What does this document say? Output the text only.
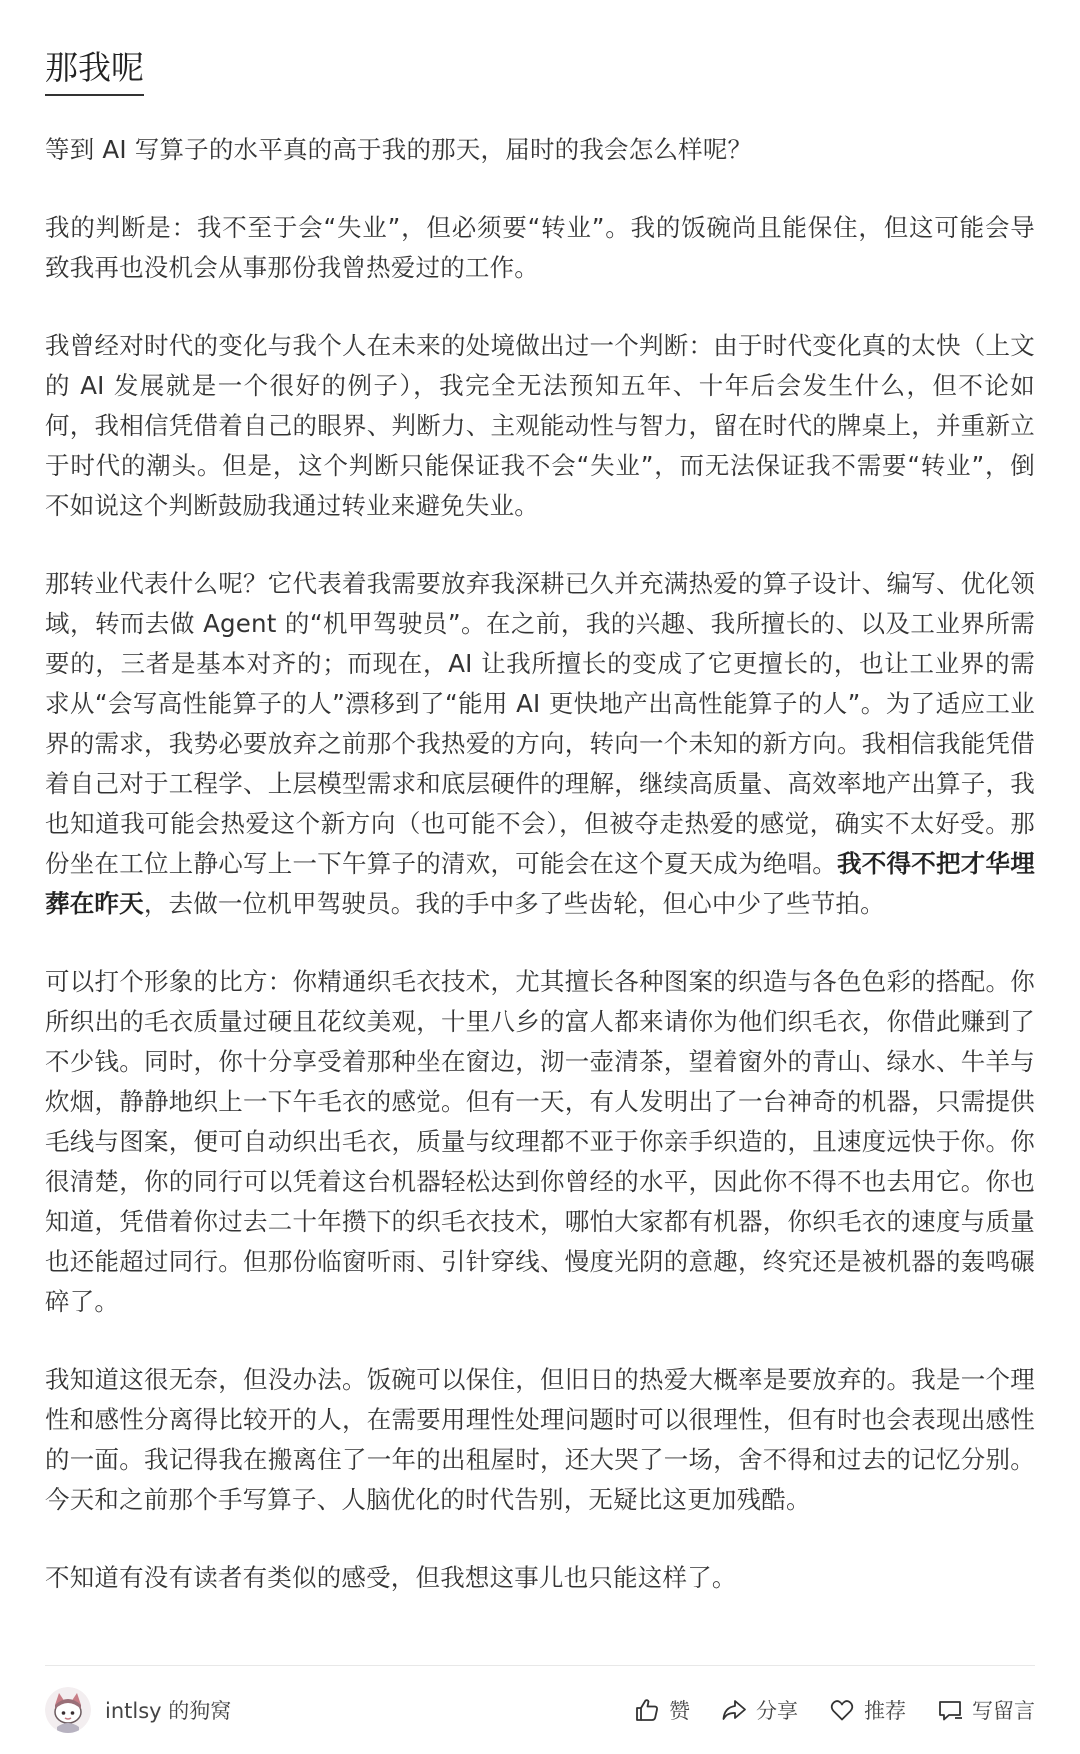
那我呢

等到 AI 写算子的水平真的高于我的那天，届时的我会怎么样呢？

我的判断是：我不至于会“失业”，但必须要“转业”。我的饭碗尚且能保住，但这可能会导致我再也没机会从事那份我曾热爱过的工作。

我曾经对时代的变化与我个人在未来的处境做出过一个判断：由于时代变化真的太快（上文的 AI 发展就是一个很好的例子），我完全无法预知五年、十年后会发生什么，但不论如何，我相信凭借着自己的眼界、判断力、主观能动性与智力，留在时代的牌桌上，并重新立于时代的潮头。但是，这个判断只能保证我不会“失业”，而无法保证我不需要“转业”，倒不如说这个判断鼓励我通过转业来避免失业。

那转业代表什么呢？它代表着我需要放弃我深耕已久并充满热爱的算子设计、编写、优化领域，转而去做 Agent 的“机甲驾驶员”。在之前，我的兴趣、我所擅长的、以及工业界所需要的，三者是基本对齐的；而现在，AI 让我所擅长的变成了它更擅长的，也让工业界的需求从“会写高性能算子的人”漂移到了“能用 AI 更快地产出高性能算子的人”。为了适应工业界的需求，我势必要放弃之前那个我热爱的方向，转向一个未知的新方向。我相信我能凭借着自己对于工程学、上层模型需求和底层硬件的理解，继续高质量、高效率地产出算子，我也知道我可能会热爱这个新方向（也可能不会），但被夺走热爱的感觉，确实不太好受。那份坐在工位上静心写上一下午算子的清欢，可能会在这个夏天成为绝唱。我不得不把才华埋葬在昨天，去做一位机甲驾驶员。我的手中多了些齿轮，但心中少了些节拍。

可以打个形象的比方：你精通织毛衣技术，尤其擅长各种图案的织造与各色色彩的搭配。你所织出的毛衣质量过硬且花纹美观，十里八乡的富人都来请你为他们织毛衣，你借此赚到了不少钱。同时，你十分享受着那种坐在窗边，沏一壶清茶，望着窗外的青山、绿水、牛羊与炊烟，静静地织上一下午毛衣的感觉。但有一天，有人发明出了一台神奇的机器，只需提供毛线与图案，便可自动织出毛衣，质量与纹理都不亚于你亲手织造的，且速度远快于你。你很清楚，你的同行可以凭着这台机器轻松达到你曾经的水平，因此你不得不也去用它。你也知道，凭借着你过去二十年攒下的织毛衣技术，哪怕大家都有机器，你织毛衣的速度与质量也还能超过同行。但那份临窗听雨、引针穿线、慢度光阴的意趣，终究还是被机器的轰鸣碾碎了。

我知道这很无奈，但没办法。饭碗可以保住，但旧日的热爱大概率是要放弃的。我是一个理性和感性分离得比较开的人，在需要用理性处理问题时可以很理性，但有时也会表现出感性的一面。我记得我在搬离住了一年的出租屋时，还大哭了一场，舍不得和过去的记忆分别。今天和之前那个手写算子、人脑优化的时代告别，无疑比这更加残酷。

不知道有没有读者有类似的感受，但我想这事儿也只能这样了。

intlsy 的狗窝	赞	分享	推荐	写留言
